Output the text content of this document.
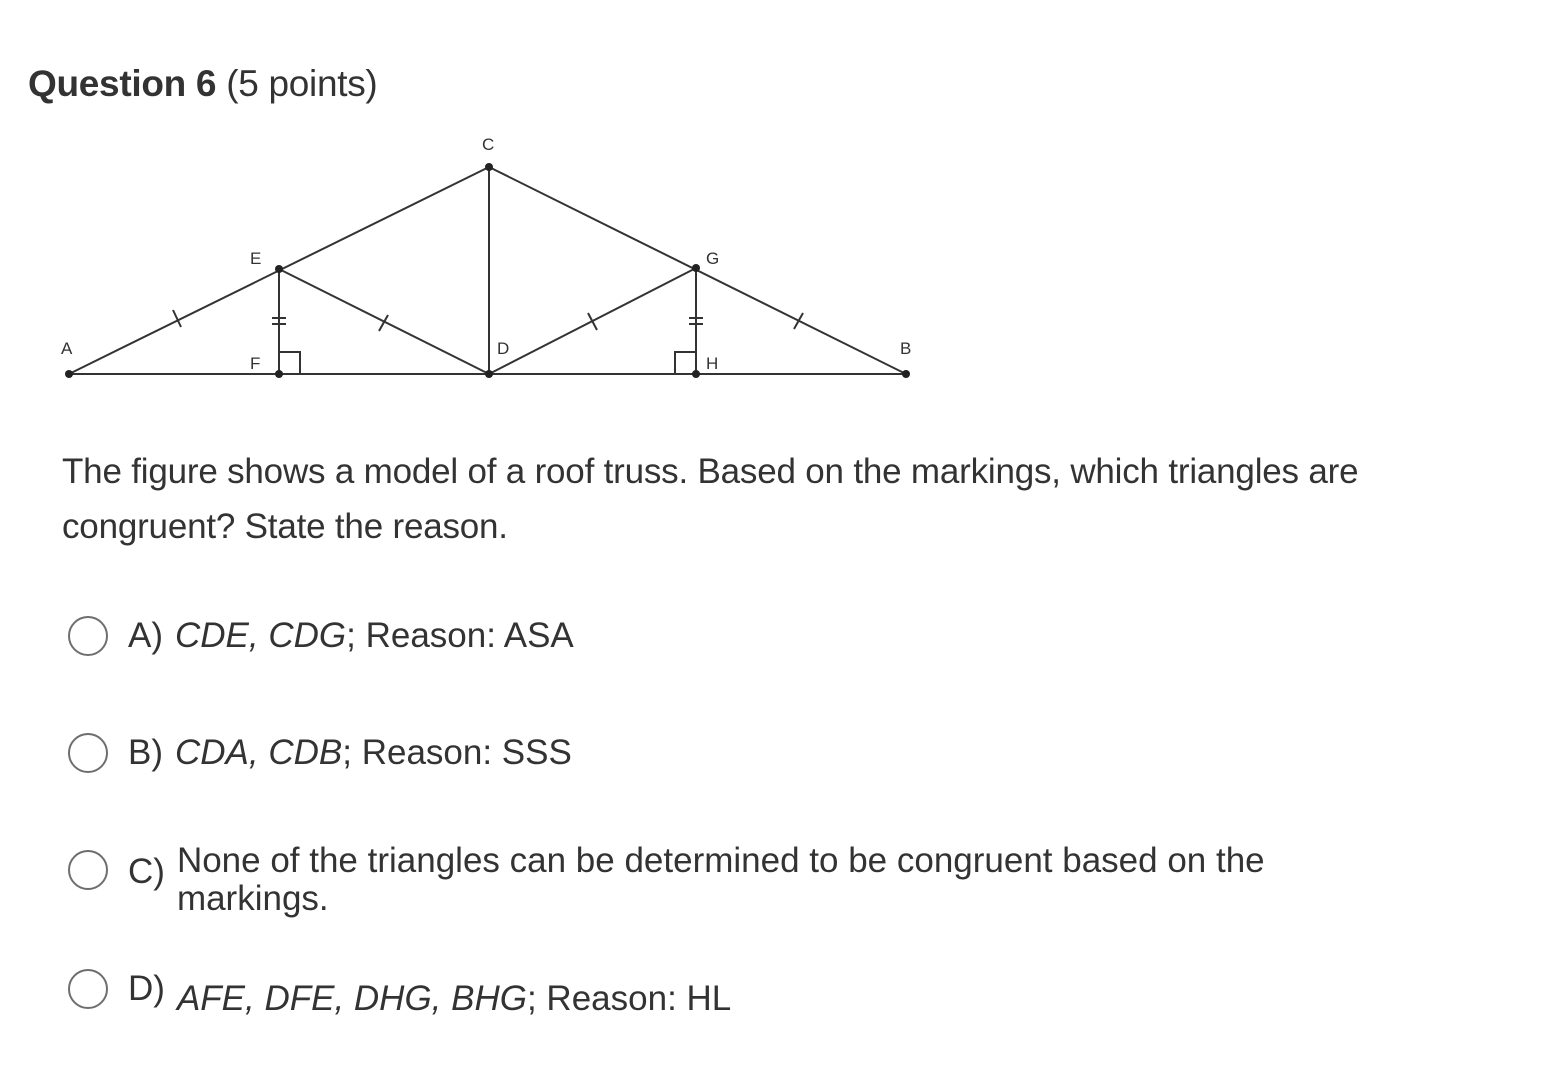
Question 6 (5 points)
A	B
C
D
E
F
G
H
The figure shows a model of a roof truss. Based on the markings, which triangles are congruent? State the reason.
A) CDE, CDG; Reason: ASA
B) CDA, CDB; Reason: SSS
C) None of the triangles can be determined to be congruent based on the markings.
D) AFE, DFE, DHG, BHG; Reason: HL
